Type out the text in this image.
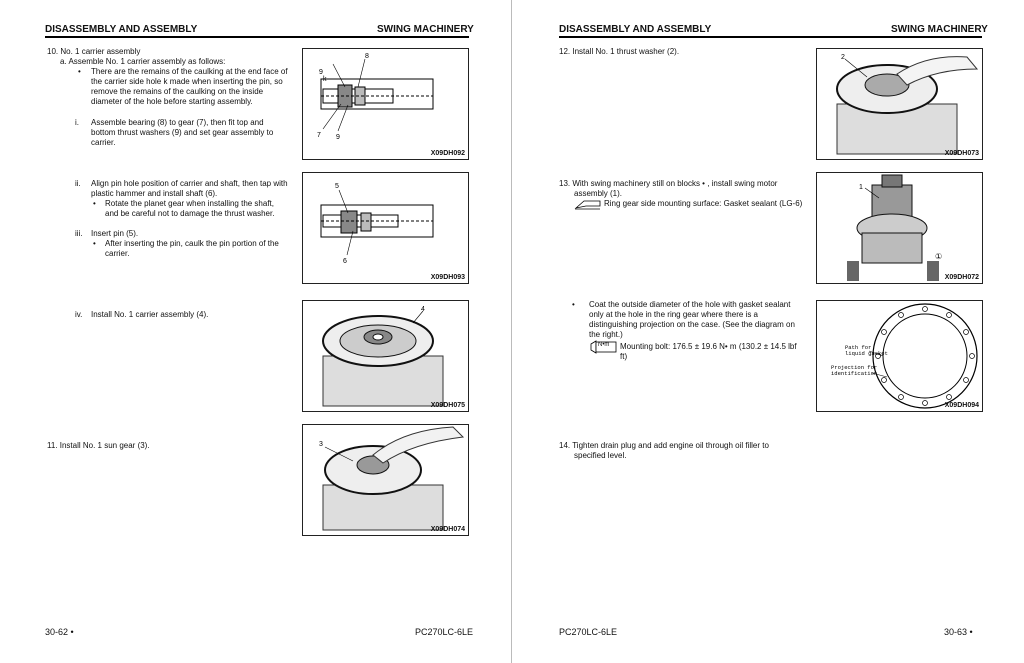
DISASSEMBLY AND ASSEMBLY	SWING MACHINERY
10. No. 1 carrier assembly
a. Assemble No. 1 carrier assembly as follows:
• There are the remains of the caulking at the end face of
the carrier side hole k made when inserting the pin, so
remove the remains of the caulking on the inside
diameter of the hole before starting assembly.
i. Assemble bearing (8) to gear (7), then fit top and
bottom thrust washers (9) and set gear assembly to
carrier.
ii. Align pin hole position of carrier and shaft, then tap with
plastic hammer and install shaft (6).
• Rotate the planet gear when installing the shaft,
and be careful not to damage the thrust washer.
iii. Insert pin (5).
• After inserting the pin, caulk the pin portion of the
carrier.
iv. Install No. 1 carrier assembly (4).
11. Install No. 1 sun gear (3).
k
9
8
7 9
X09DH092
5
6
X09DH093
4
X09DH075
3
X09DH074
30-62 •	PC270LC-6LE
DISASSEMBLY AND ASSEMBLY	SWING MACHINERY
12. Install No. 1 thrust washer (2).
13. With swing machinery still on blocks • , install swing motor
assembly (1).
Ring gear side mounting surface: Gasket sealant (LG-6)
• Coat the outside diameter of the hole with gasket sealant
only at the hole in the ring gear where there is a
distinguishing projection on the case. (See the diagram on
the right.)
N•m Mounting bolt: 176.5 ± 19.6 N• m (130.2 ± 14.5 lbf
ft)
14. Tighten drain plug and add engine oil through oil filler to
specified level.
2
X09DH073
1
①
X09DH072
Path for
liquid gasket
Projection for
identification
X09DH094
PC270LC-6LE	30-63 •
